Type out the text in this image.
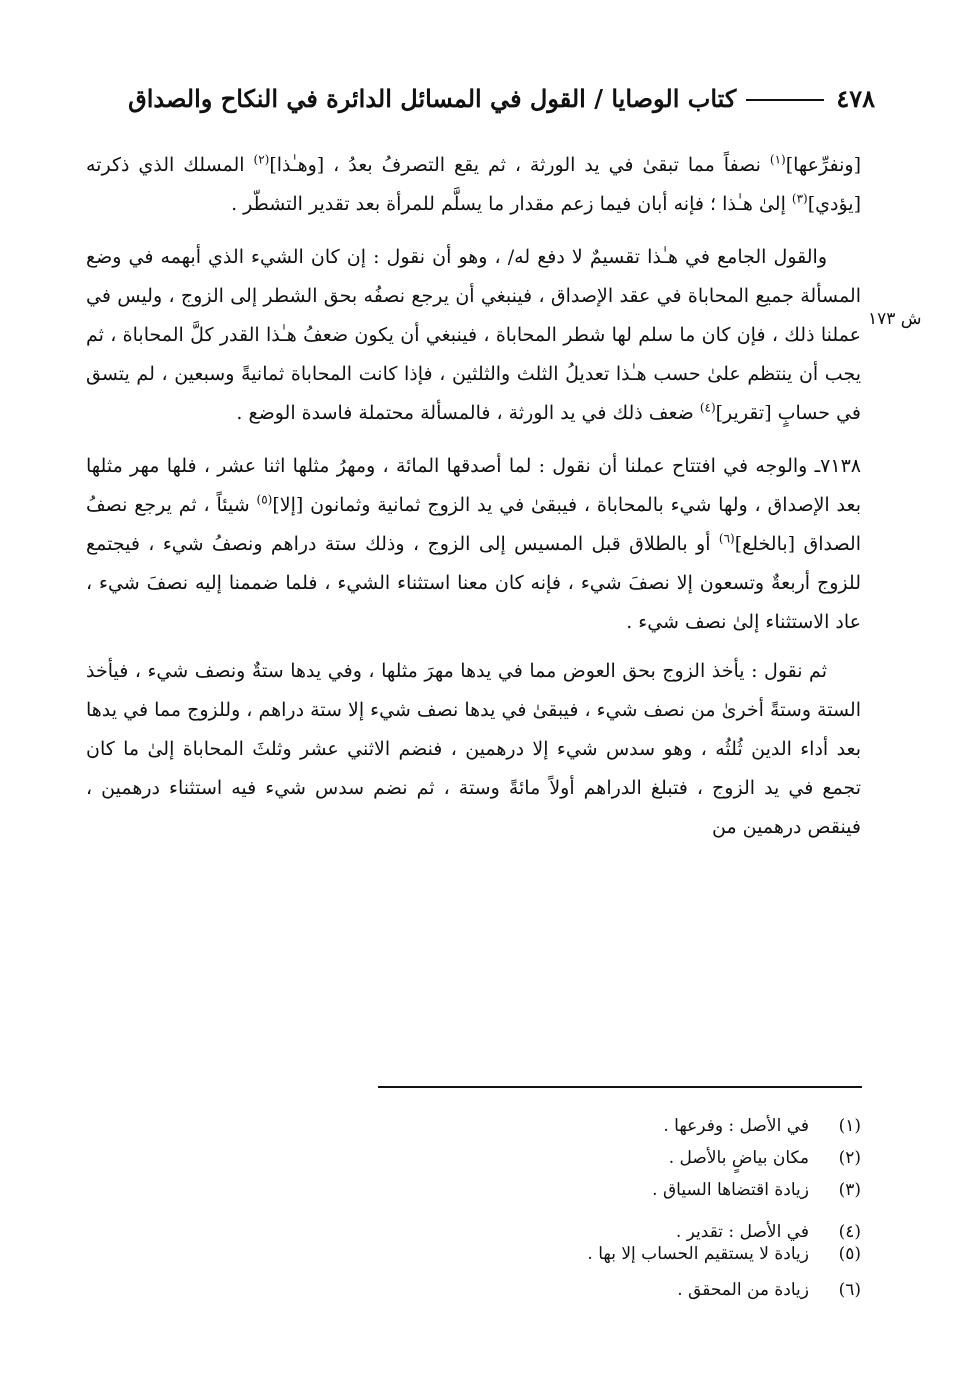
٤٧٨
كتاب الوصايا / القول في المسائل الدائرة في النكاح والصداق
ش ١٧٣

[ونفرِّعها]$^{(١)}$ نصفاً مما تبقىٰ في يد الورثة ، ثم يقع التصرفُ بعدُ ، [وهـٰذا]$^{(٢)}$ المسلك الذي ذكرته [يؤدي]$^{(٣)}$ إلىٰ هـٰذا ؛ فإنه أبان فيما زعم مقدار ما يسلَّم للمرأة بعد تقدير التشطّر .

والقول الجامع في هـٰذا تقسيمٌ لا دفع له/ ، وهو أن نقول : إن كان الشيء الذي أبهمه في وضع المسألة جميع المحاباة في عقد الإصداق ، فينبغي أن يرجع نصفُه بحق الشطر إلى الزوج ، وليس في عملنا ذلك ، فإن كان ما سلم لها شطر المحاباة ، فينبغي أن يكون ضعفُ هـٰذا القدر كلَّ المحاباة ، ثم يجب أن ينتظم علىٰ حسب هـٰذا تعديلُ الثلث والثلثين ، فإذا كانت المحاباة ثمانيةً وسبعين ، لم يتسق في حسابٍ [تقرير]$^{(٤)}$ ضعف ذلك في يد الورثة ، فالمسألة محتملة فاسدة الوضع .

٧١٣٨ـ والوجه في افتتاح عملنا أن نقول : لما أصدقها المائة ، ومهرُ مثلها اثنا عشر ، فلها مهر مثلها بعد الإصداق ، ولها شيء بالمحاباة ، فيبقىٰ في يد الزوج ثمانية وثمانون [إلا]$^{(٥)}$ شيئاً ، ثم يرجع نصفُ الصداق [بالخلع]$^{(٦)}$ أو بالطلاق قبل المسيس إلى الزوج ، وذلك ستة دراهم ونصفُ شيء ، فيجتمع للزوج أربعةٌ وتسعون إلا نصفَ شيء ، فإنه كان معنا استثناء الشيء ، فلما ضممنا إليه نصفَ شيء ، عاد الاستثناء إلىٰ نصف شيء .

ثم نقول : يأخذ الزوج بحق العوض مما في يدها مهرَ مثلها ، وفي يدها ستةٌ ونصف شيء ، فيأخذ الستة وستةً أخرىٰ من نصف شيء ، فيبقىٰ في يدها نصف شيء إلا ستة دراهم ، وللزوج مما في يدها بعد أداء الدين ثُلثُه ، وهو سدس شيء إلا درهمين ، فنضم الاثني عشر وثلثَ المحاباة إلىٰ ما كان تجمع في يد الزوج ، فتبلغ الدراهم أولاً مائةً وستة ، ثم نضم سدس شيء فيه استثناء درهمين ، فينقص درهمين من

(١)
في الأصل : وفرعها .
(٢)
مكان بياضٍ بالأصل .
(٣)
زيادة اقتضاها السياق .
(٤)
في الأصل : تقدير .
(٥)
زيادة لا يستقيم الحساب إلا بها .
(٦)
زيادة من المحقق .
